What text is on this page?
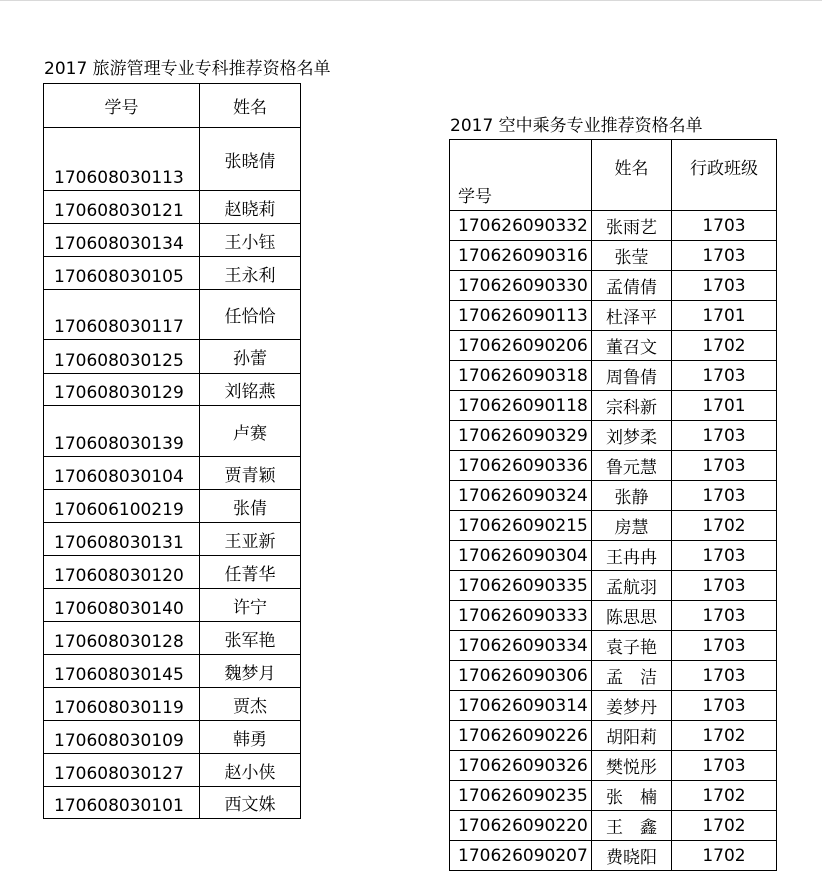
2017 旅游管理专业专科推荐资格名单
学号	姓名
170608030113	张晓倩
170608030121	赵晓莉
170608030134	王小钰
170608030105	王永利
170608030117	任恰恰
170608030125	孙蕾
170608030129	刘铭燕
170608030139	卢赛
170608030104	贾青颖
170606100219	张倩
170608030131	王亚新
170608030120	任菁华
170608030140	许宁
170608030128	张军艳
170608030145	魏梦月
170608030119	贾杰
170608030109	韩勇
170608030127	赵小侠
170608030101	西文姝
2017 空中乘务专业推荐资格名单
学号	姓名	行政班级
170626090332	张雨艺	1703
170626090316	张莹	1703
170626090330	孟倩倩	1703
170626090113	杜泽平	1701
170626090206	董召文	1702
170626090318	周鲁倩	1703
170626090118	宗科新	1701
170626090329	刘梦柔	1703
170626090336	鲁元慧	1703
170626090324	张静	1703
170626090215	房慧	1702
170626090304	王冉冉	1703
170626090335	孟航羽	1703
170626090333	陈思思	1703
170626090334	袁子艳	1703
170626090306	孟　洁	1703
170626090314	姜梦丹	1703
170626090226	胡阳莉	1702
170626090326	樊悦彤	1703
170626090235	张　楠	1702
170626090220	王　鑫	1702
170626090207	费晓阳	1702
